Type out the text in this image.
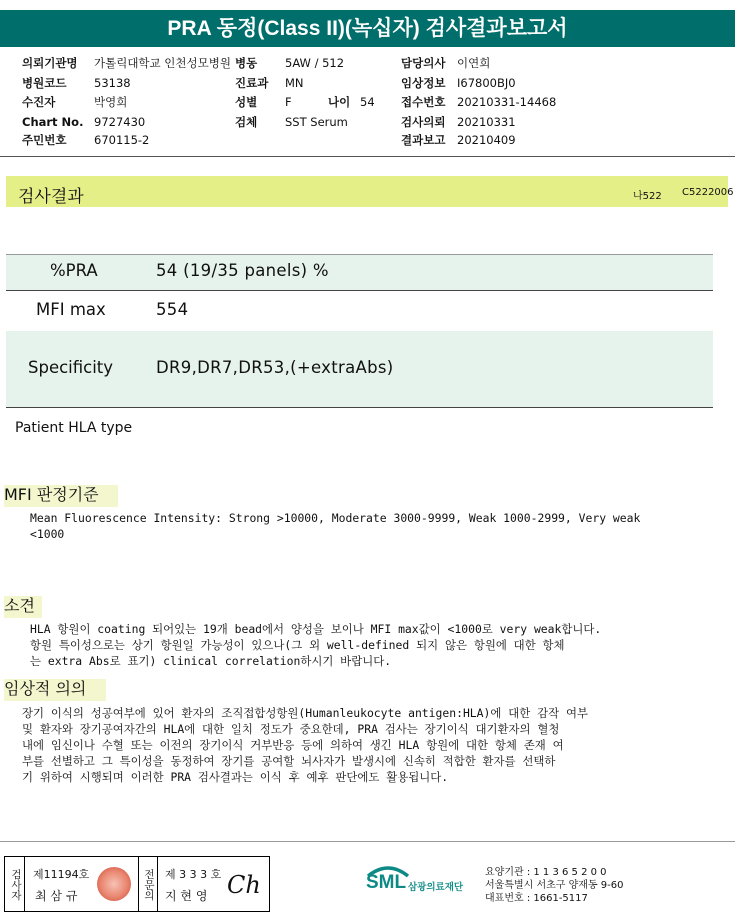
PRA 동정(Class II)(녹십자) 검사결과보고서
의뢰기관명 가톨릭대학교 인천성모병원 병동 5AW / 512	담당의사 이연희
병원코드 53138	진료과 MN	임상정보 I67800BJ0
수진자	박영희	성별 F	나이 54 접수번호 20210331-14468
Chart No. 9727430	검체 SST Serum	검사의뢰 20210331
주민번호 670115-2	결과보고 20210409
검사결과	나522 C5222006
%PRA	54 (19/35 panels) %
MFI max	554
Specificity	DR9,DR7,DR53,(+extraAbs)
Patient HLA type
MFI 판정기준
Mean Fluorescence Intensity: Strong >10000, Moderate 3000-9999, Weak 1000-2999, Very weak
<1000
소견
HLA 항원이 coating 되어있는 19개 bead에서 양성을 보이나 MFI max값이 <1000로 very weak합니다.
항원 특이성으로는 상기 항원일 가능성이 있으나(그 외 well-defined 되지 않은 항원에 대한 항체
는 extra Abs로 표기) clinical correlation하시기 바랍니다.
임상적 의의
장기 이식의 성공여부에 있어 환자의 조직접합성항원(Humanleukocyte antigen:HLA)에 대한 감작 여부
및 환자와 장기공여자간의 HLA에 대한 일치 정도가 중요한데, PRA 검사는 장기이식 대기환자의 혈청
내에 임신이나 수혈 또는 이전의 장기이식 거부반응 등에 의하여 생긴 HLA 항원에 대한 항체 존재 여
부를 선별하고 그 특이성을 동정하여 장기를 공여할 뇌사자가 발생시에 신속히 적합한 환자를 선택하
기 위하여 시행되며 이러한 PRA 검사결과는 이식 후 예후 판단에도 활용됩니다.
검사자 제11194호
최 삼 규	전문의 제 3 3 3 호
지 현 영 Ch	SML 삼광의료재단
요양기관 : 1 1 3 6 5 2 0 0
서울특별시 서초구 양재동 9-60
대표번호 : 1661-5117
